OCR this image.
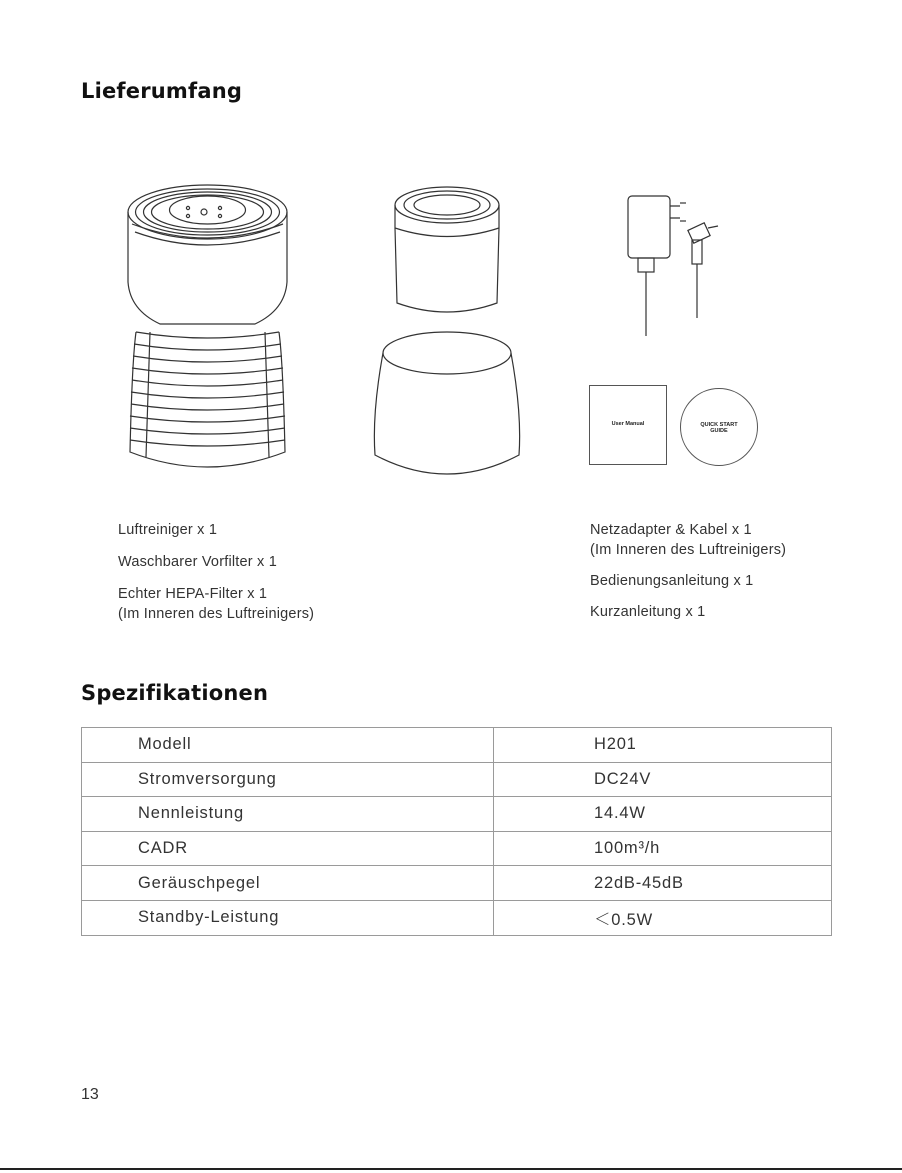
Lieferumfang
User Manual	QUICK START
GUIDE
Luftreiniger x 1
Waschbarer Vorfilter x 1
Echter HEPA-Filter x 1
(Im Inneren des Luftreinigers)
Netzadapter & Kabel x 1
(Im Inneren des Luftreinigers)
Bedienungsanleitung x 1
Kurzanleitung x 1
Spezifikationen
Modell	H201
Stromversorgung	DC24V
Nennleistung	14.4W
CADR	100m³/h
Geräuschpegel	22dB-45dB
Standby-Leistung	＜0.5W
13
